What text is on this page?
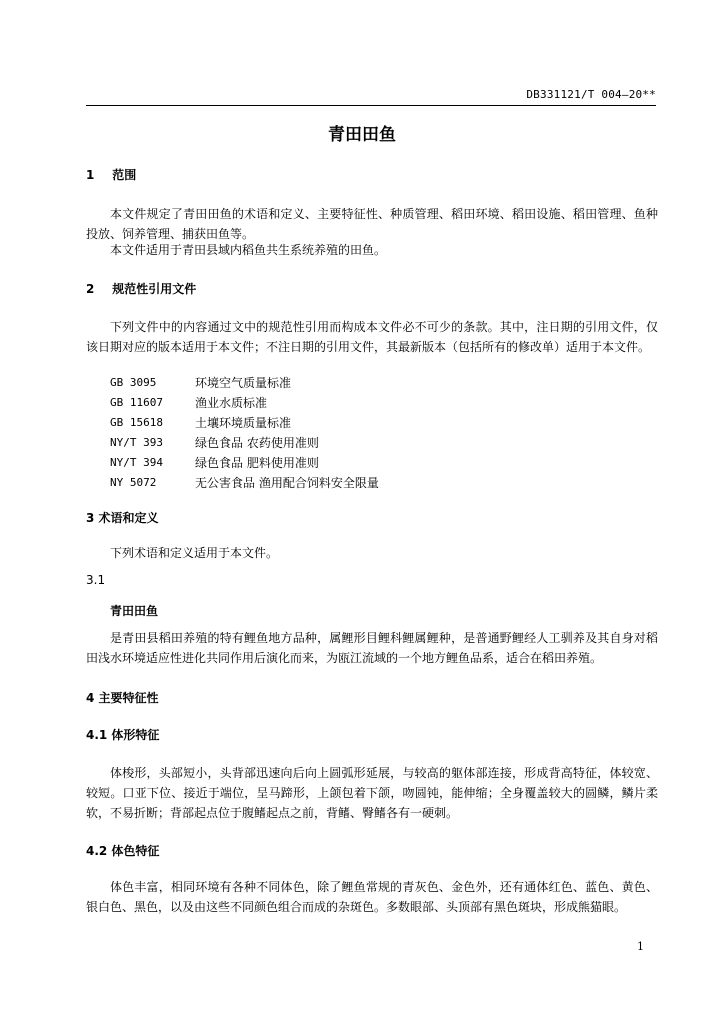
DB331121/T 004—20**
青田田鱼
1 范围

本文件规定了青田田鱼的术语和定义、主要特征性、种质管理、稻田环境、稻田设施、稻田管理、鱼种投放、饲养管理、捕获田鱼等。

本文件适用于青田县域内稻鱼共生系统养殖的田鱼。

2 规范性引用文件

下列文件中的内容通过文中的规范性引用而构成本文件必不可少的条款。其中，注日期的引用文件，仅该日期对应的版本适用于本文件；不注日期的引用文件，其最新版本（包括所有的修改单）适用于本文件。

GB 3095	环境空气质量标准
GB 11607	渔业水质标准
GB 15618	土壤环境质量标准
NY/T 393	绿色食品 农药使用准则
NY/T 394	绿色食品 肥料使用准则
NY 5072	无公害食品 渔用配合饲料安全限量
3 术语和定义

下列术语和定义适用于本文件。

3.1
青田田鱼

是青田县稻田养殖的特有鲤鱼地方品种，属鲤形目鲤科鲤属鲤种，是普通野鲤经人工驯养及其自身对稻田浅水环境适应性进化共同作用后演化而来，为瓯江流域的一个地方鲤鱼品系，适合在稻田养殖。

4 主要特征性
4.1 体形特征

体梭形，头部短小，头背部迅速向后向上圆弧形延展，与较高的躯体部连接，形成背高特征，体较宽、较短。口亚下位、接近于端位，呈马蹄形，上颌包着下颌，吻圆钝，能伸缩；全身覆盖较大的圆鳞，鳞片柔软，不易折断；背部起点位于腹鳍起点之前，背鳍、臀鳍各有一硬刺。

4.2 体色特征

体色丰富，相同环境有各种不同体色，除了鲤鱼常规的青灰色、金色外，还有通体红色、蓝色、黄色、银白色、黑色，以及由这些不同颜色组合而成的杂斑色。多数眼部、头顶部有黑色斑块，形成熊猫眼。

1
